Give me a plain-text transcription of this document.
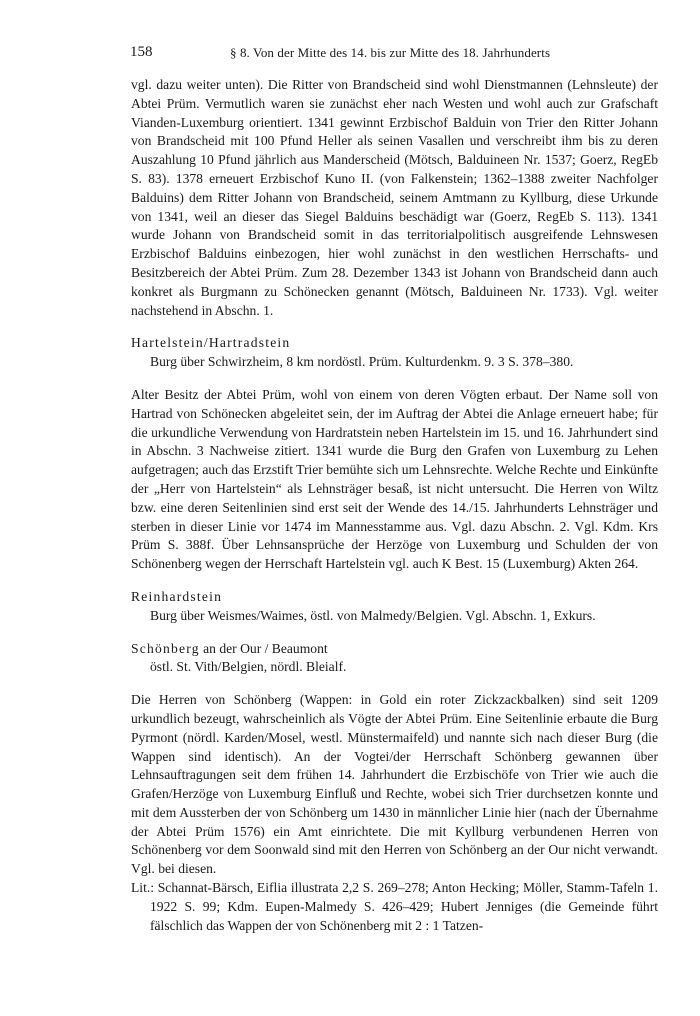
158	§ 8. Von der Mitte des 14. bis zur Mitte des 18. Jahrhunderts

vgl. dazu weiter unten). Die Ritter von Brandscheid sind wohl Dienstmannen (Lehnsleute) der Abtei Prüm. Vermutlich waren sie zunächst eher nach Westen und wohl auch zur Grafschaft Vianden-Luxemburg orientiert. 1341 gewinnt Erzbischof Balduin von Trier den Ritter Johann von Brandscheid mit 100 Pfund Heller als seinen Vasallen und verschreibt ihm bis zu deren Auszahlung 10 Pfund jährlich aus Manderscheid (Mötsch, Balduineen Nr. 1537; Goerz, RegEb S. 83). 1378 erneuert Erzbischof Kuno II. (von Falkenstein; 1362–1388 zweiter Nachfolger Balduins) dem Ritter Johann von Brandscheid, seinem Amtmann zu Kyllburg, diese Urkunde von 1341, weil an dieser das Siegel Balduins beschädigt war (Goerz, RegEb S. 113). 1341 wurde Johann von Brandscheid somit in das territorialpolitisch ausgreifende Lehnswesen Erzbischof Balduins einbezogen, hier wohl zunächst in den westlichen Herrschafts- und Besitzbereich der Abtei Prüm. Zum 28. Dezember 1343 ist Johann von Brandscheid dann auch konkret als Burgmann zu Schönecken genannt (Mötsch, Balduineen Nr. 1733). Vgl. weiter nachstehend in Abschn. 1.

Hartelstein/Hartradstein

Burg über Schwirzheim, 8 km nordöstl. Prüm. Kulturdenkm. 9. 3 S. 378–380.

Alter Besitz der Abtei Prüm, wohl von einem von deren Vögten erbaut. Der Name soll von Hartrad von Schönecken abgeleitet sein, der im Auftrag der Abtei die Anlage erneuert habe; für die urkundliche Verwendung von Hardratstein neben Hartelstein im 15. und 16. Jahrhundert sind in Abschn. 3 Nachweise zitiert. 1341 wurde die Burg den Grafen von Luxemburg zu Lehen aufgetragen; auch das Erzstift Trier bemühte sich um Lehnsrechte. Welche Rechte und Einkünfte der „Herr von Hartelstein“ als Lehnsträger besaß, ist nicht untersucht. Die Herren von Wiltz bzw. eine deren Seitenlinien sind erst seit der Wende des 14./15. Jahrhunderts Lehnsträger und sterben in dieser Linie vor 1474 im Mannesstamme aus. Vgl. dazu Abschn. 2. Vgl. Kdm. Krs Prüm S. 388f. Über Lehnsansprüche der Herzöge von Luxemburg und Schulden der von Schönenberg wegen der Herrschaft Hartelstein vgl. auch K Best. 15 (Luxemburg) Akten 264.

Reinhardstein

Burg über Weismes/Waimes, östl. von Malmedy/Belgien. Vgl. Abschn. 1, Exkurs.

Schönberg an der Our / Beaumont

östl. St. Vith/Belgien, nördl. Bleialf.

Die Herren von Schönberg (Wappen: in Gold ein roter Zickzackbalken) sind seit 1209 urkundlich bezeugt, wahrscheinlich als Vögte der Abtei Prüm. Eine Seitenlinie erbaute die Burg Pyrmont (nördl. Karden/Mosel, westl. Münstermaifeld) und nannte sich nach dieser Burg (die Wappen sind identisch). An der Vogtei/der Herrschaft Schönberg gewannen über Lehnsauftragungen seit dem frühen 14. Jahrhundert die Erzbischöfe von Trier wie auch die Grafen/Herzöge von Luxemburg Einfluß und Rechte, wobei sich Trier durchsetzen konnte und mit dem Aussterben der von Schönberg um 1430 in männlicher Linie hier (nach der Übernahme der Abtei Prüm 1576) ein Amt einrichtete. Die mit Kyllburg verbundenen Herren von Schönenberg vor dem Soonwald sind mit den Herren von Schönberg an der Our nicht verwandt. Vgl. bei diesen.

Lit.: Schannat-Bärsch, Eiflia illustrata 2,2 S. 269–278; Anton Hecking; Möller, Stamm-Tafeln 1. 1922 S. 99; Kdm. Eupen-Malmedy S. 426–429; Hubert Jenniges (die Gemeinde führt fälschlich das Wappen der von Schönenberg mit 2 : 1 Tatzen-
